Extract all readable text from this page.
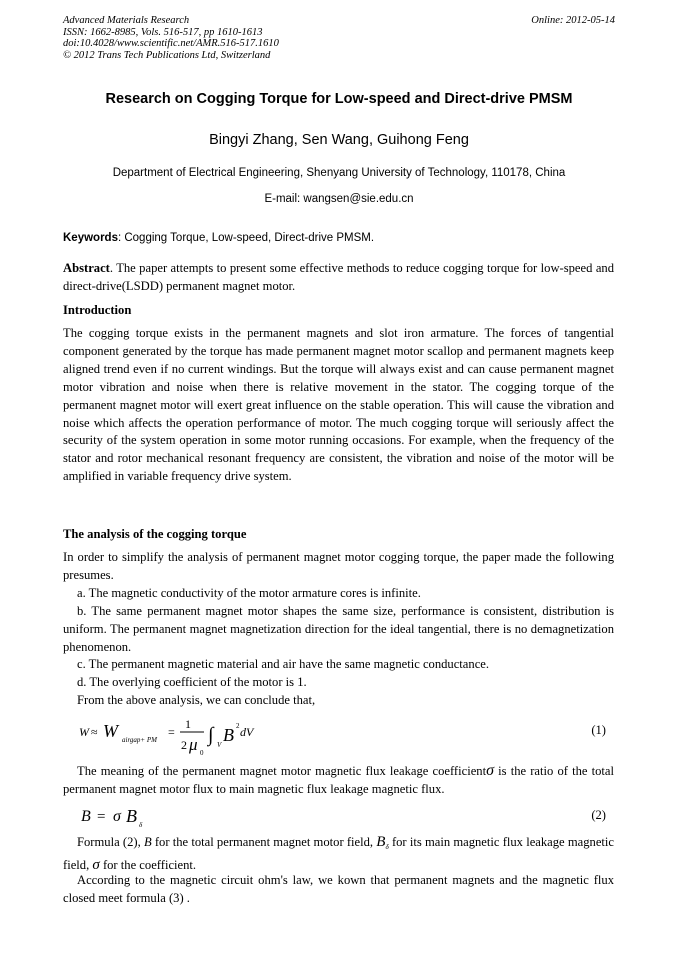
Advanced Materials Research
ISSN: 1662-8985, Vols. 516-517, pp 1610-1613
doi:10.4028/www.scientific.net/AMR.516-517.1610
© 2012 Trans Tech Publications Ltd, Switzerland
Online: 2012-05-14
Research on Cogging Torque for Low-speed and Direct-drive PMSM
Bingyi Zhang, Sen Wang, Guihong Feng
Department of Electrical Engineering, Shenyang University of Technology, 110178, China
E-mail: wangsen@sie.edu.cn
Keywords: Cogging Torque, Low-speed, Direct-drive PMSM.
Abstract. The paper attempts to present some effective methods to reduce cogging torque for low-speed and direct-drive(LSDD) permanent magnet motor.
Introduction
The cogging torque exists in the permanent magnets and slot iron armature. The forces of tangential component generated by the torque has made permanent magnet motor scallop and permanent magnets keep aligned trend even if no current windings. But the torque will always exist and can cause permanent magnet motor vibration and noise when there is relative movement in the stator. The cogging torque of the permanent magnet motor will exert great influence on the stable operation. This will cause the vibration and noise which affects the operation performance of motor. The much cogging torque will seriously affect the security of the system operation in some motor running occasions. For example, when the frequency of the stator and rotor mechanical resonant frequency are consistent, the vibration and noise of the motor will be amplified in variable frequency drive system.
The analysis of the cogging torque

In order to simplify the analysis of permanent magnet motor cogging torque, the paper made the following presumes.

a. The magnetic conductivity of the motor armature cores is infinite.

b. The same permanent magnet motor shapes the same size, performance is consistent, distribution is uniform. The permanent magnet magnetization direction for the ideal tangential, there is no demagnetization phenomenon.

c. The permanent magnetic material and air have the same magnetic conductance.

d. The overlying coefficient of the motor is 1.

From the above analysis, we can conclude that,

W ≈ W airgap+ PM
=
1
2 μ 0
∫ V B 2 dV	(1)
The meaning of the permanent magnet motor magnetic flux leakage coefficientσ is the ratio of the total permanent magnet motor flux to main magnetic flux leakage magnetic flux.
B = σ B δ
(2)
Formula (2), B for the total permanent magnet motor field, $B_\delta$ for its main magnetic flux leakage magnetic field, σ for the coefficient.
According to the magnetic circuit ohm's law, we kown that permanent magnets and the magnetic flux closed meet formula (3) .
